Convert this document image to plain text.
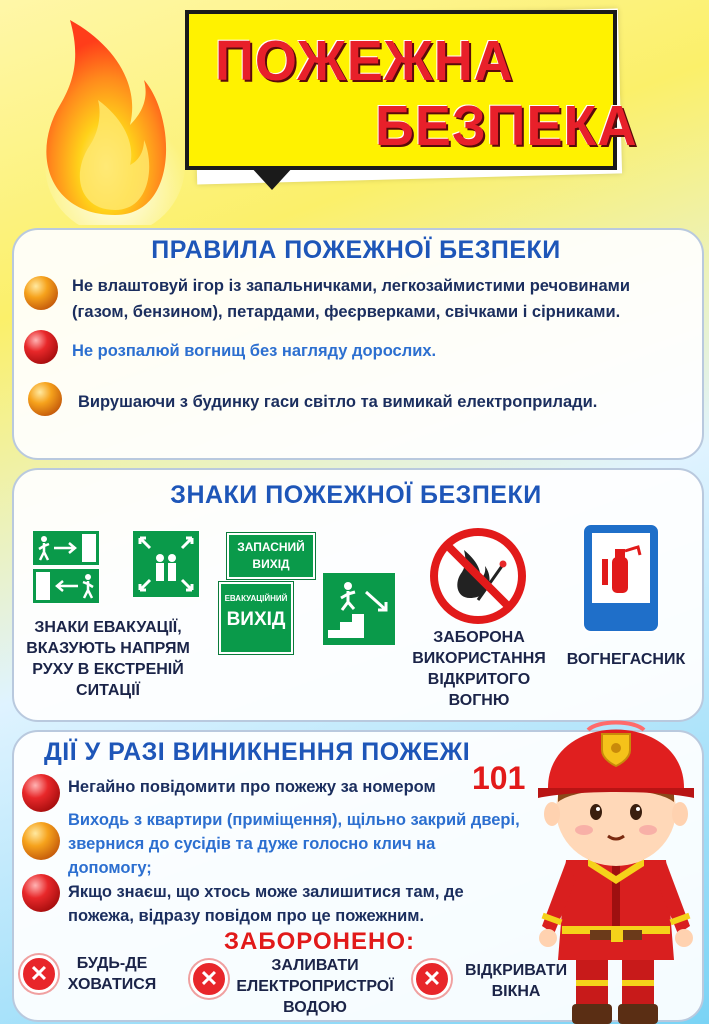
ПОЖЕЖНА
БЕЗПЕКА
ПРАВИЛА ПОЖЕЖНОЇ БЕЗПЕКИ
Не влаштовуй ігор із запальничками, легкозаймистими речовинами
(газом, бензином), петардами, феєрверками, свічками і сірниками.
Не розпалюй вогнищ без нагляду дорослих.
Вирушаючи з будинку гаси світло та вимикай електроприлади.
ЗНАКИ ПОЖЕЖНОЇ БЕЗПЕКИ
ЗАПАСНИЙ ВИХІД
ЕВАКУАЦІЙНИЙ
ВИХІД
ЗНАКИ ЕВАКУАЦІЇ,
ВКАЗУЮТЬ НАПРЯМ
РУХУ В ЕКСТРЕНІЙ
СИТАЦІЇ
ЗАБОРОНА
ВИКОРИСТАННЯ
ВІДКРИТОГО
ВОГНЮ
ВОГНЕГАСНИК
ДІЇ У РАЗІ ВИНИКНЕННЯ ПОЖЕЖІ
Негайно повідомити про пожежу за номером 101
Виходь з квартири (приміщення), щільно закрий двері,
звернися до сусідів та дуже голосно клич на
допомогу;
Якщо знаєш, що хтось може залишитися там, де
пожежа, відразу повідом про це пожежним.
ЗАБОРОНЕНО:
✕	БУДЬ-ДЕ
ХОВАТИСЯ	✕
ЗАЛИВАТИ
ЕЛЕКТРОПРИСТРОЇ
ВОДОЮ
✕	ВІДКРИВАТИ
ВІКНА
